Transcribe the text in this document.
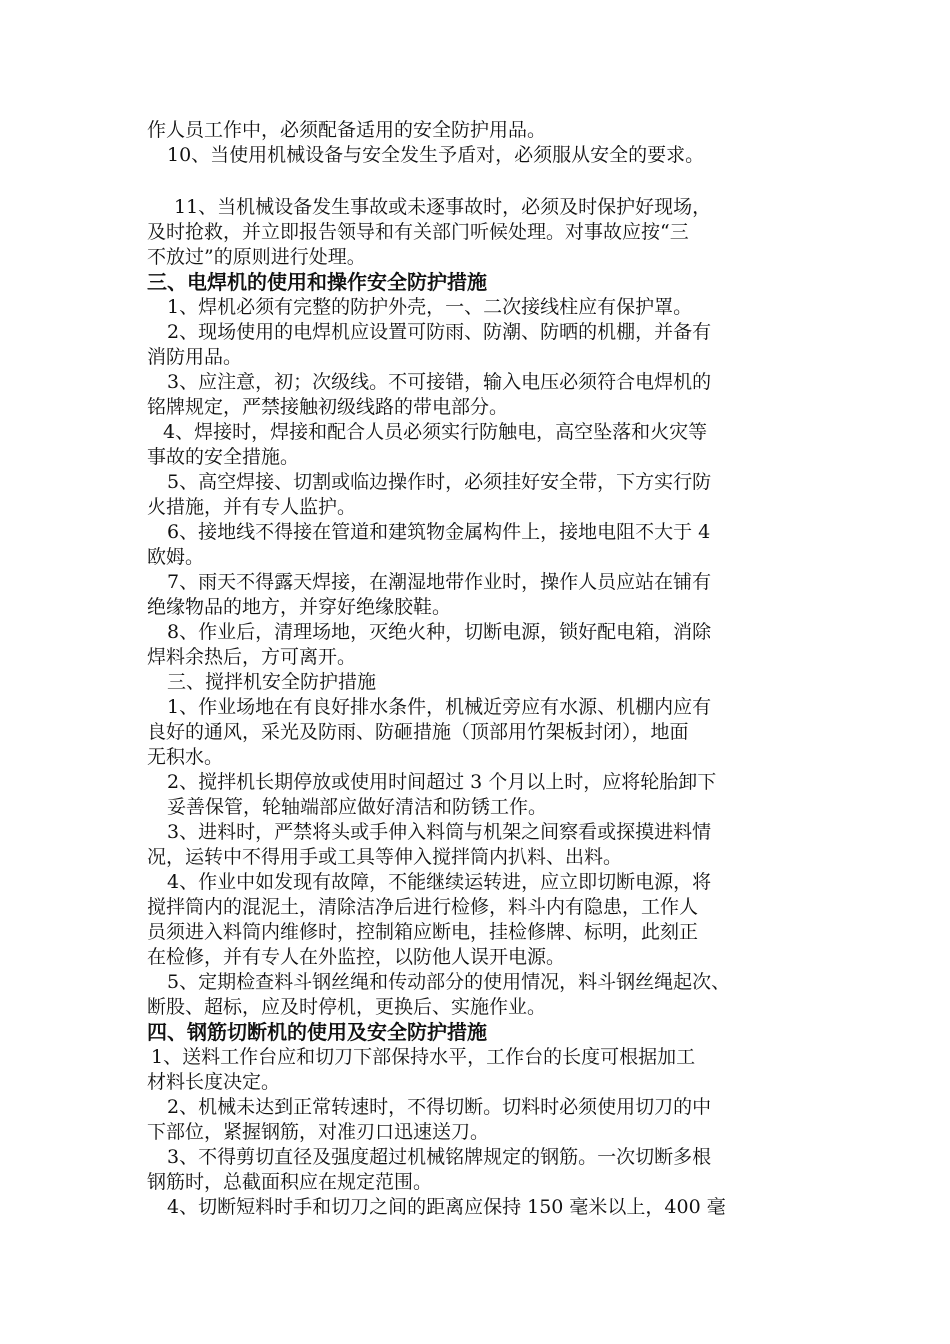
作人员工作中，必须配备适用的安全防护用品。
10、当使用机械设备与安全发生予盾对，必须服从安全的要求。
11、当机械设备发生事故或未逐事故时，必须及时保护好现场，
及时抢救，并立即报告领导和有关部门听候处理。对事故应按“三
不放过”的原则进行处理。
三、电焊机的使用和操作安全防护措施
1、焊机必须有完整的防护外壳，一、二次接线柱应有保护罩。
2、现场使用的电焊机应设置可防雨、防潮、防晒的机棚，并备有
消防用品。
3、应注意，初；次级线。不可接错，输入电压必须符合电焊机的
铭牌规定，严禁接触初级线路的带电部分。
4、焊接时，焊接和配合人员必须实行防触电，高空坠落和火灾等
事故的安全措施。
5、高空焊接、切割或临边操作时，必须挂好安全带，下方实行防
火措施，并有专人监护。
6、接地线不得接在管道和建筑物金属构件上，接地电阻不大于 4
欧姆。
7、雨天不得露天焊接，在潮湿地带作业时，操作人员应站在铺有
绝缘物品的地方，并穿好绝缘胶鞋。
8、作业后，清理场地，灭绝火种，切断电源，锁好配电箱，消除
焊料余热后，方可离开。
三、搅拌机安全防护措施
1、作业场地在有良好排水条件，机械近旁应有水源、机棚内应有
良好的通风，采光及防雨、防砸措施（顶部用竹架板封闭），地面
无积水。
2、搅拌机长期停放或使用时间超过 3 个月以上时，应将轮胎卸下
妥善保管，轮轴端部应做好清洁和防锈工作。
3、进料时，严禁将头或手伸入料筒与机架之间察看或探摸进料情
况，运转中不得用手或工具等伸入搅拌筒内扒料、出料。
4、作业中如发现有故障，不能继续运转进，应立即切断电源，将
搅拌筒内的混泥土，清除洁净后进行检修，料斗内有隐患，工作人
员须进入料筒内维修时，控制箱应断电，挂检修牌、标明，此刻正
在检修，并有专人在外监控，以防他人误开电源。
5、定期检查料斗钢丝绳和传动部分的使用情况，料斗钢丝绳起次、
断股、超标，应及时停机，更换后、实施作业。
四、钢筋切断机的使用及安全防护措施
1、送料工作台应和切刀下部保持水平，工作台的长度可根据加工
材料长度决定。
2、机械未达到正常转速时，不得切断。切料时必须使用切刀的中
下部位，紧握钢筋，对准刃口迅速送刀。
3、不得剪切直径及强度超过机械铭牌规定的钢筋。一次切断多根
钢筋时，总截面积应在规定范围。
4、切断短料时手和切刀之间的距离应保持 150 毫米以上，400 毫
